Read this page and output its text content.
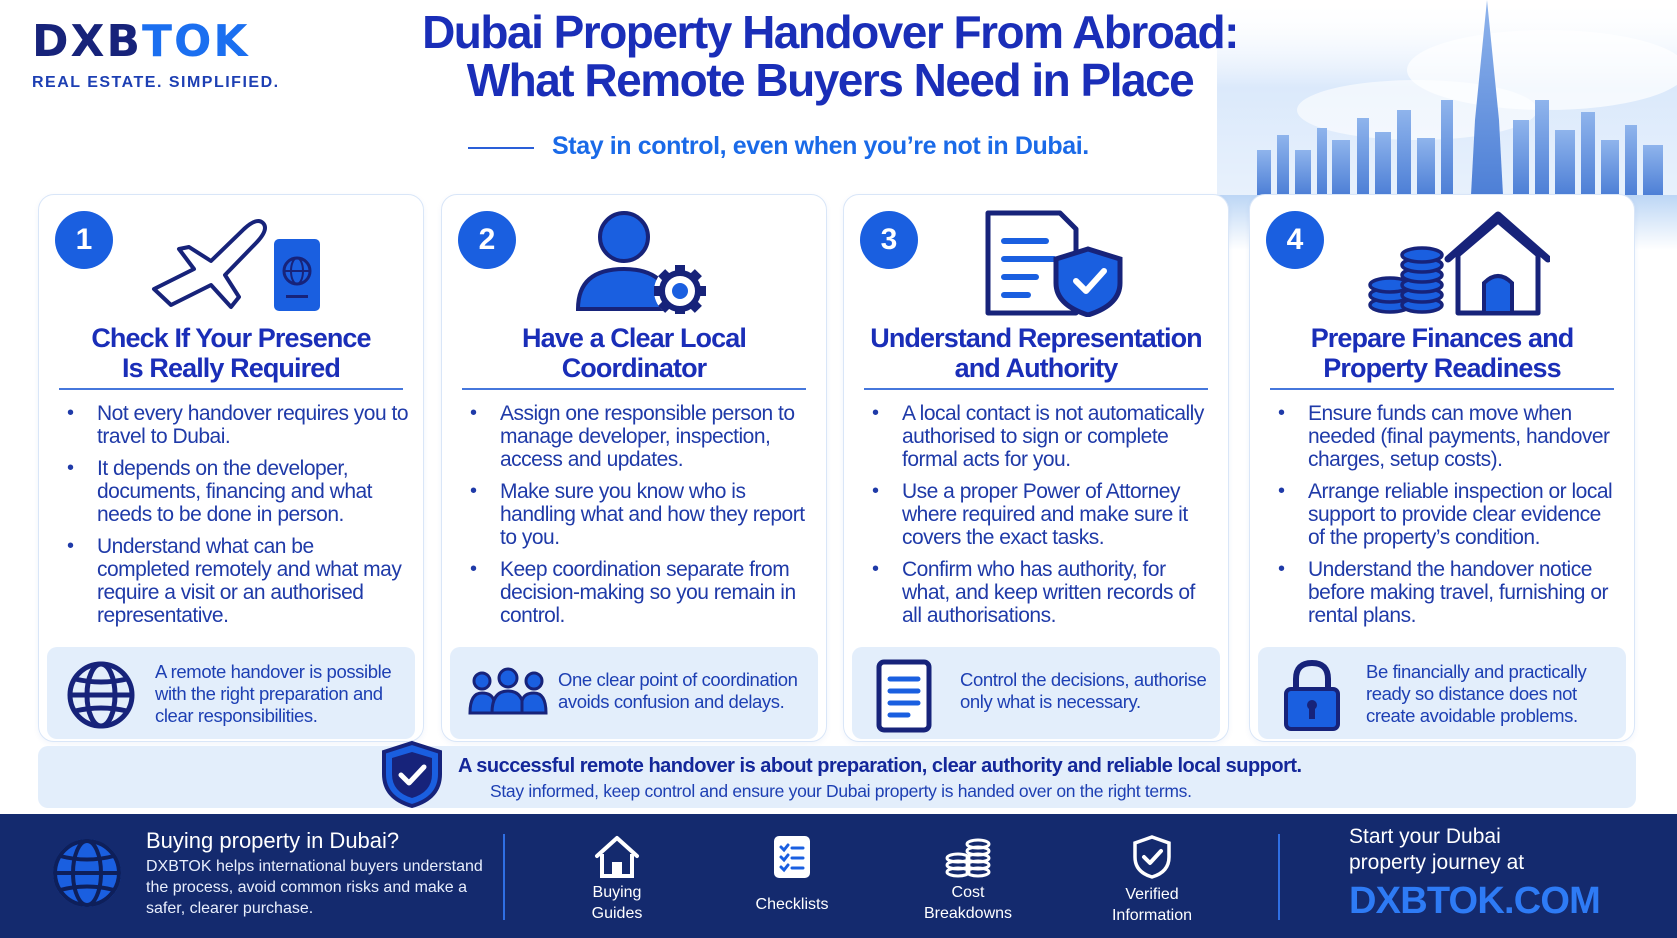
DXBTOK
REAL ESTATE. SIMPLIFIED.
Dubai Property Handover From Abroad:
What Remote Buyers Need in Place
Stay in control, even when you’re not in Dubai.
1
Check If Your Presence
Is Really Required
• Not every handover requires you to travel to Dubai.
• It depends on the developer, documents, financing and what needs to be done in person.
• Understand what can be completed remotely and what may require a visit or an authorised representative.
A remote handover is possible with the right preparation and clear responsibilities.
2
Have a Clear Local
Coordinator
• Assign one responsible person to manage developer, inspection, access and updates.
• Make sure you know who is handling what and how they report to you.
• Keep coordination separate from decision-making so you remain in control.
One clear point of coordination avoids confusion and delays.
3
Understand Representation
and Authority
• A local contact is not automatically authorised to sign or complete formal acts for you.
• Use a proper Power of Attorney where required and make sure it covers the exact tasks.
• Confirm who has authority, for what, and keep written records of all authorisations.
Control the decisions, authorise only what is necessary.
4
Prepare Finances and
Property Readiness
• Ensure funds can move when needed (final payments, handover charges, setup costs).
• Arrange reliable inspection or local support to provide clear evidence of the property’s condition.
• Understand the handover notice before making travel, furnishing or rental plans.
Be financially and practically ready so distance does not create avoidable problems.
A successful remote handover is about preparation, clear authority and reliable local support.
Stay informed, keep control and ensure your Dubai property is handed over on the right terms.
Buying property in Dubai?
DXBTOK helps international buyers understand the process, avoid common risks and make a safer, clearer purchase.
Buying
Guides
Checklists
Cost
Breakdowns
Verified
Information
Start your Dubai
property journey at
DXBTOK.COM
